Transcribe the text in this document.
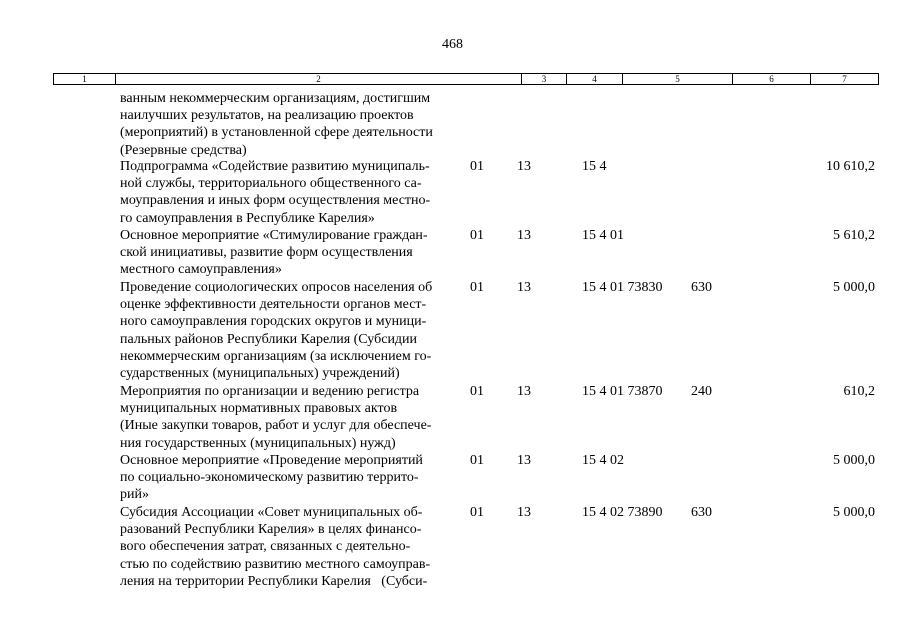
468
1	2	3	4	5	6	7
ванным некоммерческим организациям, достигшим
наилучших результатов, на реализацию проектов
(мероприятий) в установленной сфере деятельности
(Резервные средства)
Подпрограмма «Содействие развитию муниципаль-
ной службы, территориального общественного са-
моуправления и иных форм осуществления местно-
го самоуправления в Республике Карелия»
01 13	15 4	10 610,2
Основное мероприятие «Стимулирование граждан-
ской инициативы, развитие форм осуществления
местного самоуправления»
01 13	15 4 01	5 610,2
Проведение социологических опросов населения об
оценке эффективности деятельности органов мест-
ного самоуправления городских округов и муници-
пальных районов Республики Карелия (Субсидии
некоммерческим организациям (за исключением го-
сударственных (муниципальных) учреждений)
01 13	15 4 01 73830 630	5 000,0
Мероприятия по организации и ведению регистра
муниципальных нормативных правовых актов
(Иные закупки товаров, работ и услуг для обеспече-
ния государственных (муниципальных) нужд)
01 13	15 4 01 73870 240	610,2
Основное мероприятие «Проведение мероприятий
по социально-экономическому развитию террито-
рий»
01 13	15 4 02	5 000,0
Субсидия Ассоциации «Совет муниципальных об-
разований Республики Карелия» в целях финансо-
вого обеспечения затрат, связанных с деятельно-
стью по содействию развитию местного самоуправ-
ления на территории Республики Карелия   (Субси-
01 13	15 4 02 73890 630	5 000,0
